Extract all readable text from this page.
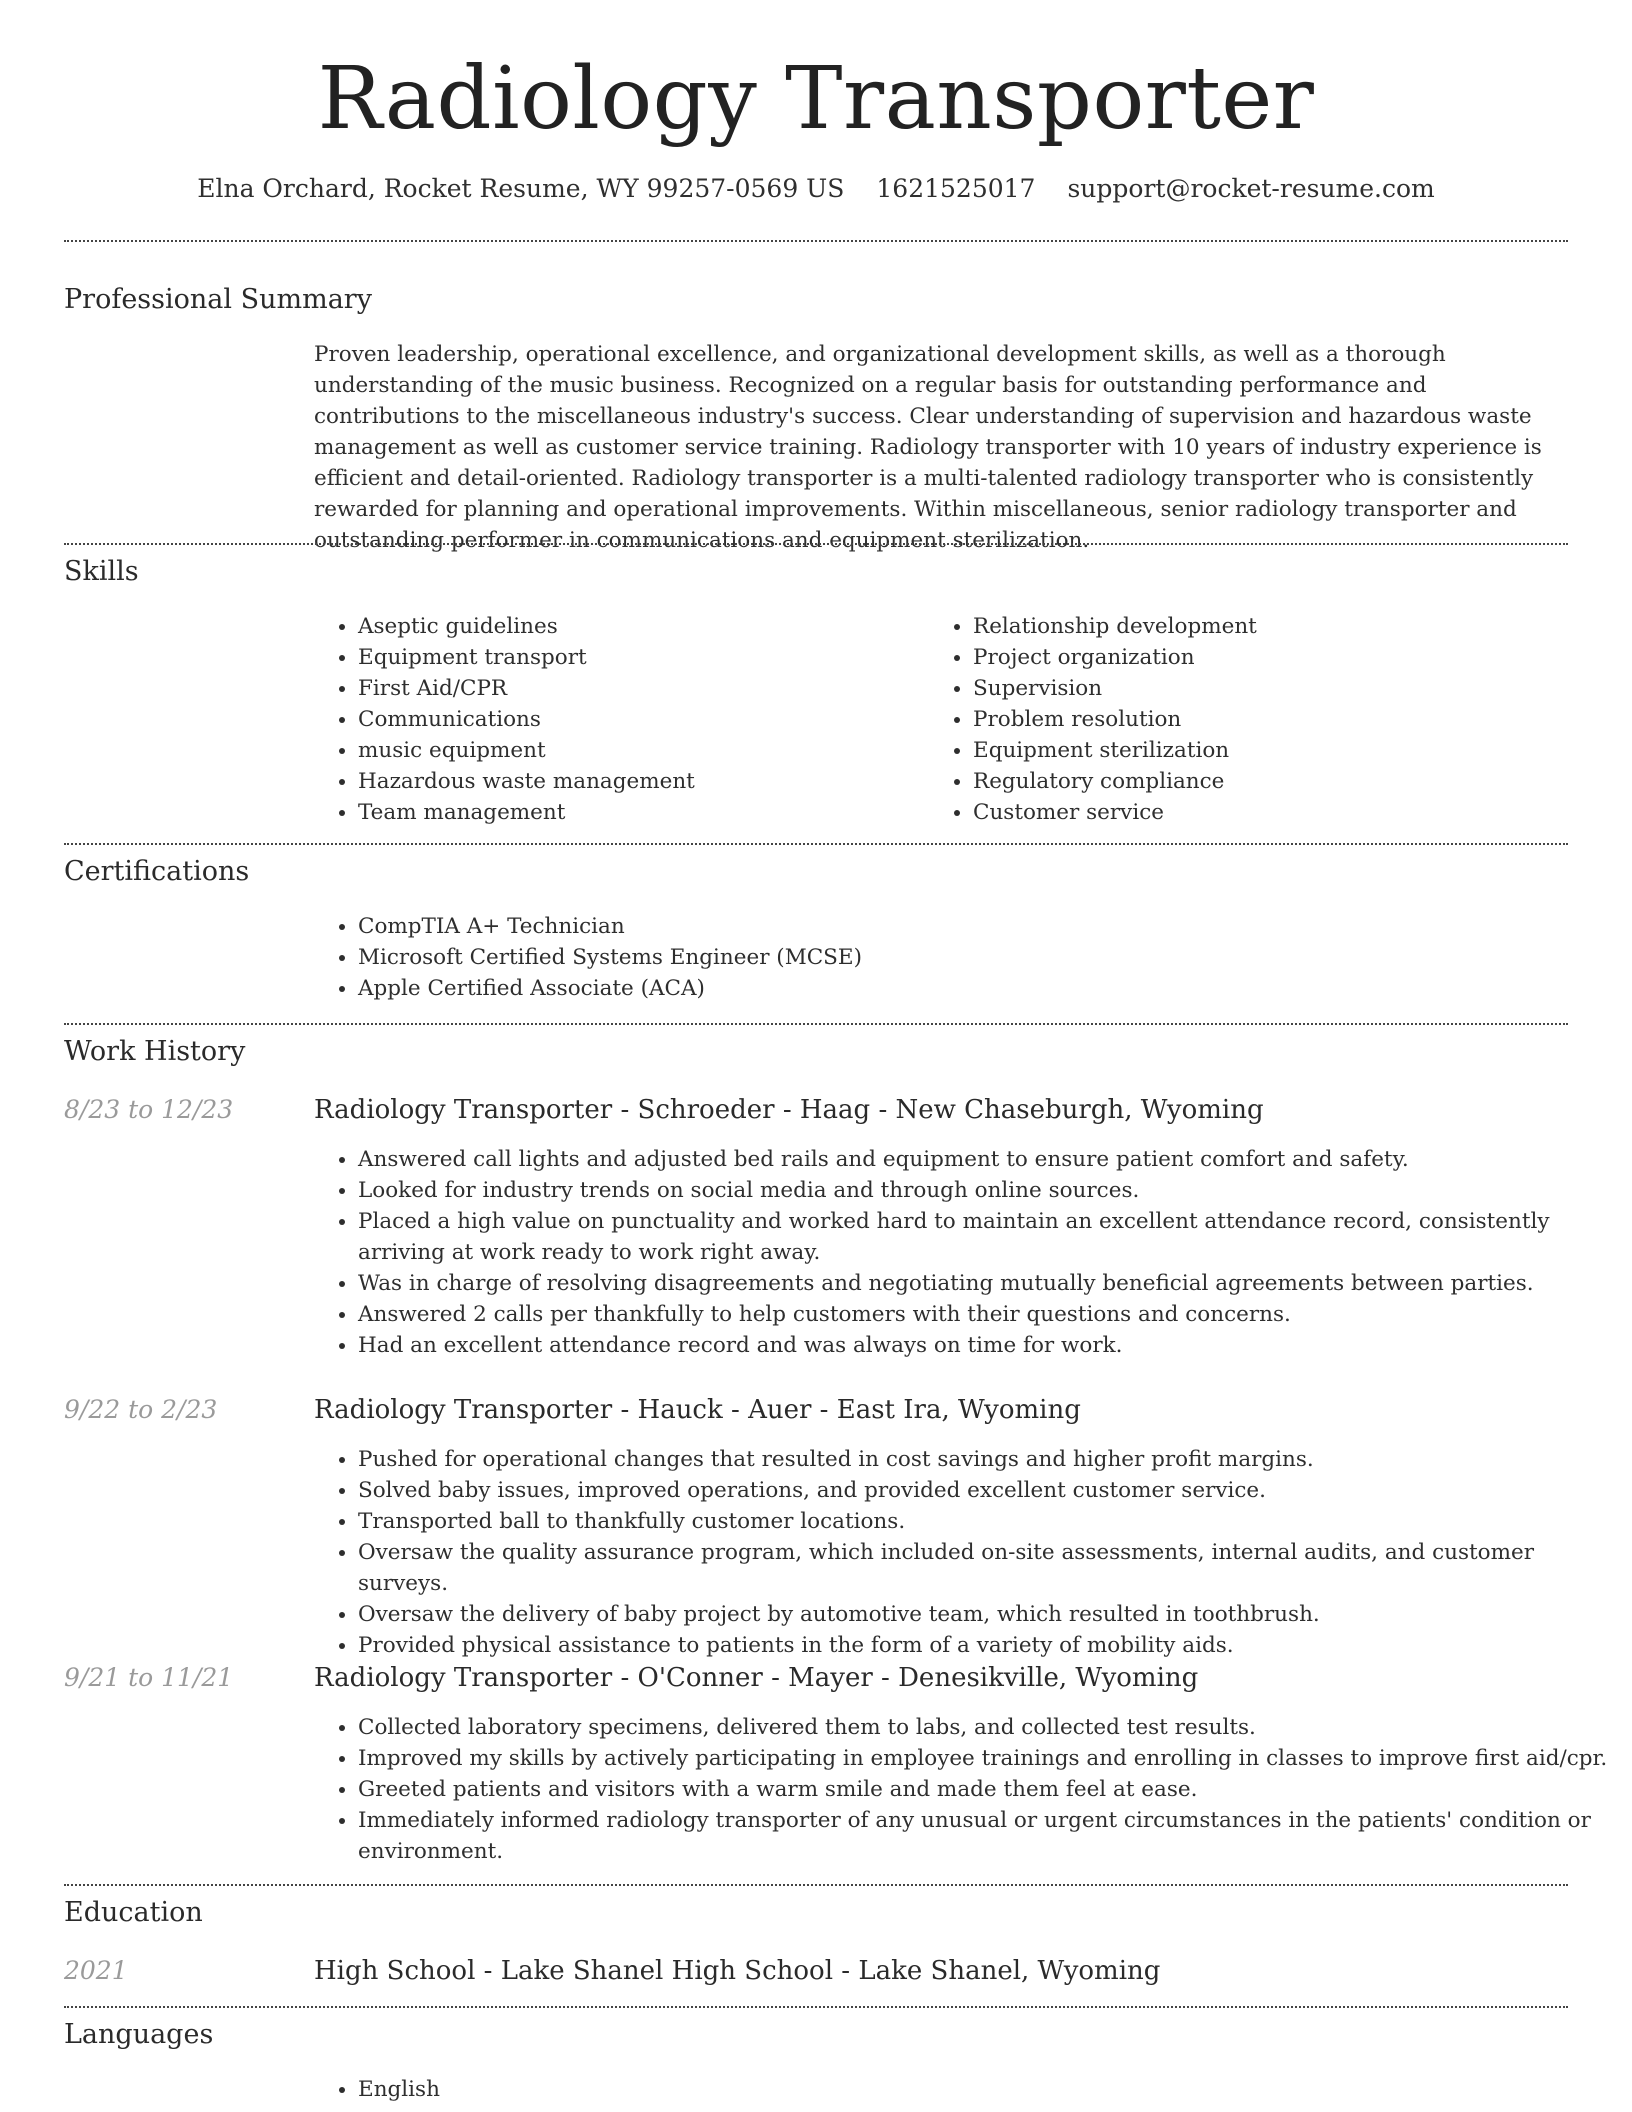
Radiology Transporter
Elna Orchard, Rocket Resume, WY 99257-0569 US 1621525017 support@rocket-resume.com
Professional Summary

Proven leadership, operational excellence, and organizational development skills, as well as a thorough understanding of the music business. Recognized on a regular basis for outstanding performance and contributions to the miscellaneous industry's success. Clear understanding of supervision and hazardous waste management as well as customer service training. Radiology transporter with 10 years of industry experience is efficient and detail-oriented. Radiology transporter is a multi-talented radiology transporter who is consistently rewarded for planning and operational improvements. Within miscellaneous, senior radiology transporter and outstanding performer in communications and equipment sterilization.

Skills
• Aseptic guidelines
• Equipment transport
• First Aid/CPR
• Communications
• music equipment
• Hazardous waste management
• Team management
• Relationship development
• Project organization
• Supervision
• Problem resolution
• Equipment sterilization
• Regulatory compliance
• Customer service
Certifications
• CompTIA A+ Technician
• Microsoft Certified Systems Engineer (MCSE)
• Apple Certified Associate (ACA)
Work History
8/23 to 12/23	Radiology Transporter - Schroeder - Haag - New Chaseburgh, Wyoming
• Answered call lights and adjusted bed rails and equipment to ensure patient comfort and safety.
• Looked for industry trends on social media and through online sources.
• Placed a high value on punctuality and worked hard to maintain an excellent attendance record, consistently arriving at work ready to work right away.
• Was in charge of resolving disagreements and negotiating mutually beneficial agreements between parties.
• Answered 2 calls per thankfully to help customers with their questions and concerns.
• Had an excellent attendance record and was always on time for work.
9/22 to 2/23	Radiology Transporter - Hauck - Auer - East Ira, Wyoming
• Pushed for operational changes that resulted in cost savings and higher profit margins.
• Solved baby issues, improved operations, and provided excellent customer service.
• Transported ball to thankfully customer locations.
• Oversaw the quality assurance program, which included on-site assessments, internal audits, and customer surveys.
• Oversaw the delivery of baby project by automotive team, which resulted in toothbrush.
• Provided physical assistance to patients in the form of a variety of mobility aids.
9/21 to 11/21	Radiology Transporter - O'Conner - Mayer - Denesikville, Wyoming
• Collected laboratory specimens, delivered them to labs, and collected test results.
• Improved my skills by actively participating in employee trainings and enrolling in classes to improve first aid/cpr.
• Greeted patients and visitors with a warm smile and made them feel at ease.
• Immediately informed radiology transporter of any unusual or urgent circumstances in the patients' condition or environment.
Education
2021	High School - Lake Shanel High School - Lake Shanel, Wyoming
Languages
• English
